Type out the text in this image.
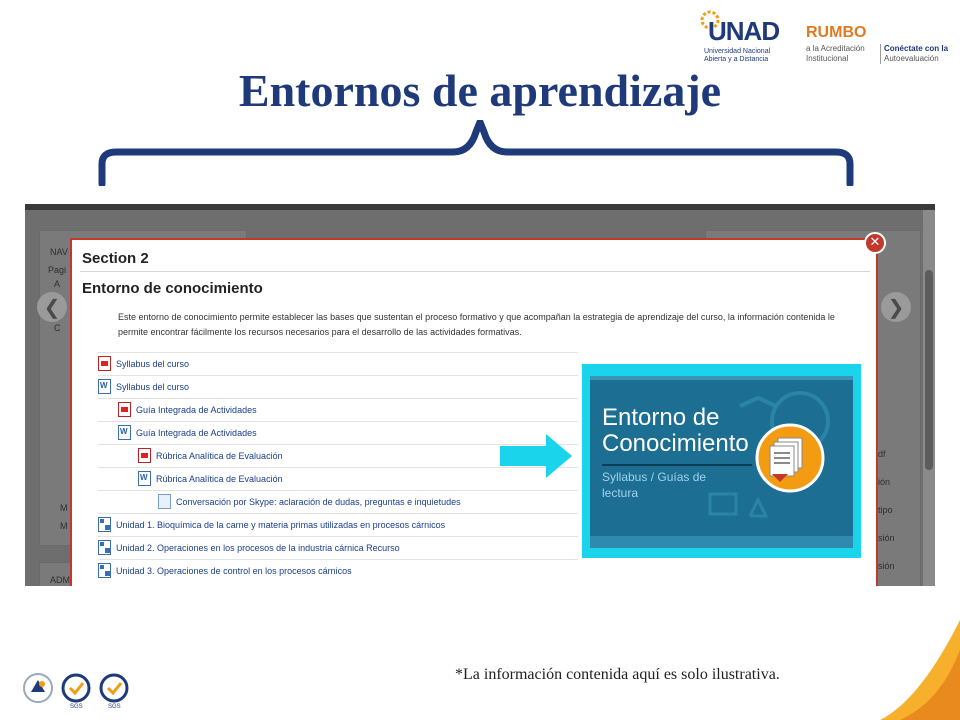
UNAD
Universidad Nacional
Abierta y a Distancia
RUMBO
a la Acreditación
Institucional
Conéctate con la
Autoevaluación
Entornos de aprendizaje
NAV
Pagi
A
C
M
M
ADM
df
ión
tipo
sión
sión
❮	❯
Section 2
Entorno de conocimiento
Este entorno de conocimiento permite establecer las bases que sustentan el proceso formativo y que acompañan la estrategia de aprendizaje del curso, la información contenida le
permite encontrar fácilmente los recursos necesarios para el desarrollo de las actividades formativas.
Syllabus del curso
W
Syllabus del curso
Guía Integrada de Actividades
W
Guía Integrada de Actividades
Rúbrica Analítica de Evaluación
W
Rúbrica Analítica de Evaluación
Conversación por Skype: aclaración de dudas, preguntas e inquietudes
Unidad 1. Bioquímica de la carne y materia primas utilizadas en procesos cárnicos
Unidad 2. Operaciones en los procesos de la industria cárnica Recurso
Unidad 3. Operaciones de control en los procesos cárnicos
✕
Entorno de
Conocimiento
Syllabus / Guías de
lectura
*La información contenida aquí es solo ilustrativa.
SGS	SGS
